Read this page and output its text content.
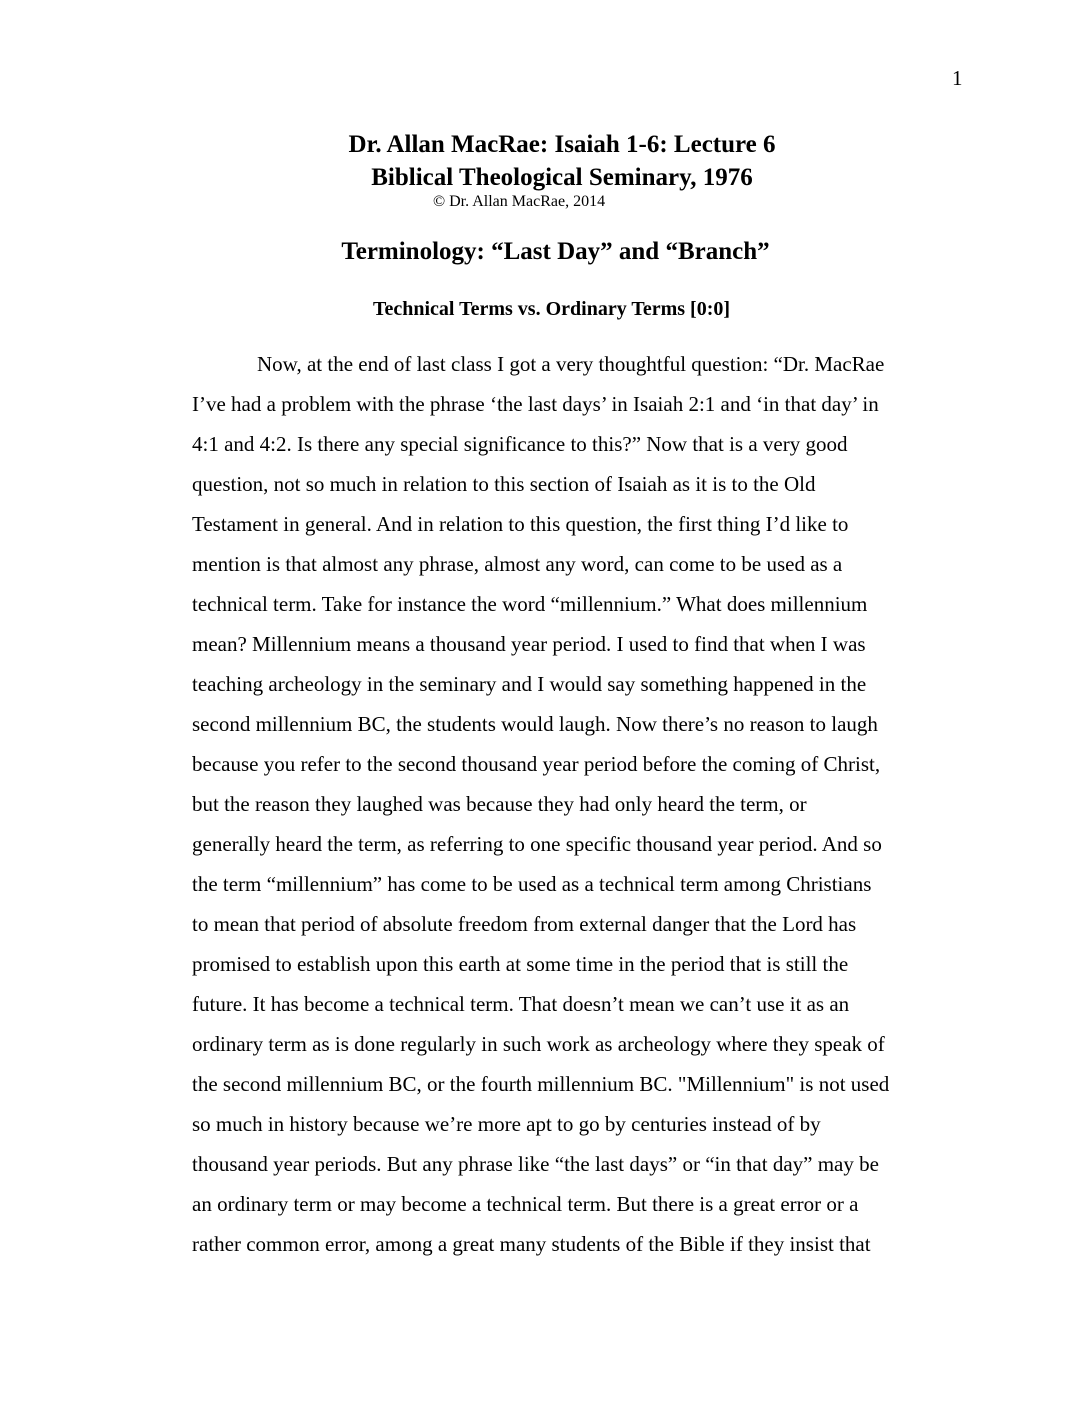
1
Dr. Allan MacRae: Isaiah 1-6: Lecture 6
Biblical Theological Seminary, 1976
© Dr. Allan MacRae, 2014
Terminology: “Last Day” and “Branch”
Technical Terms vs. Ordinary Terms [0:0]
Now, at the end of last class I got a very thoughtful question: “Dr. MacRae
I’ve had a problem with the phrase ‘the last days’ in Isaiah 2:1 and ‘in that day’ in
4:1 and 4:2. Is there any special significance to this?” Now that is a very good
question, not so much in relation to this section of Isaiah as it is to the Old
Testament in general. And in relation to this question, the first thing I’d like to
mention is that almost any phrase, almost any word, can come to be used as a
technical term. Take for instance the word “millennium.” What does millennium
mean? Millennium means a thousand year period. I used to find that when I was
teaching archeology in the seminary and I would say something happened in the
second millennium BC, the students would laugh. Now there’s no reason to laugh
because you refer to the second thousand year period before the coming of Christ,
but the reason they laughed was because they had only heard the term, or
generally heard the term, as referring to one specific thousand year period. And so
the term “millennium” has come to be used as a technical term among Christians
to mean that period of absolute freedom from external danger that the Lord has
promised to establish upon this earth at some time in the period that is still the
future. It has become a technical term. That doesn’t mean we can’t use it as an
ordinary term as is done regularly in such work as archeology where they speak of
the second millennium BC, or the fourth millennium BC. "Millennium" is not used
so much in history because we’re more apt to go by centuries instead of by
thousand year periods. But any phrase like “the last days” or “in that day” may be
an ordinary term or may become a technical term. But there is a great error or a
rather common error, among a great many students of the Bible if they insist that
